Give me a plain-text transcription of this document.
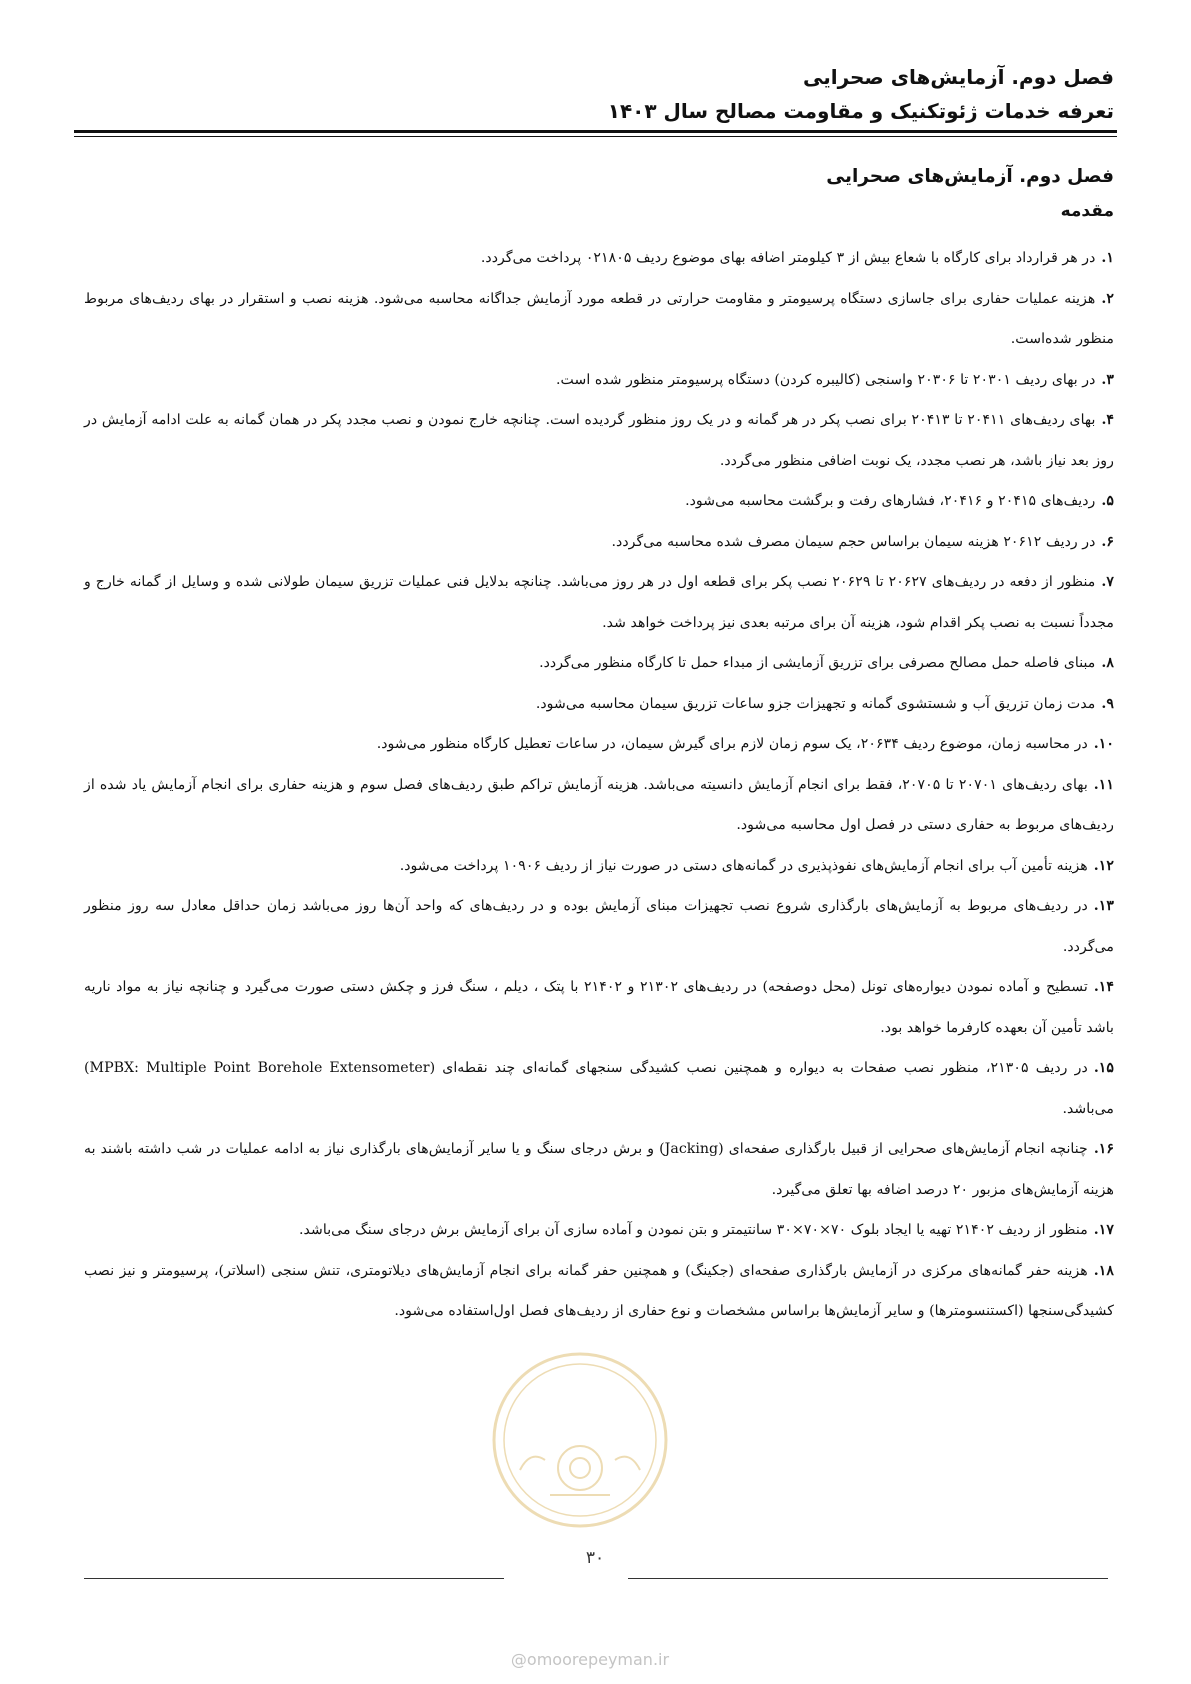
فصل دوم. آزمایش‌های صحرایی
تعرفه خدمات ژئوتکنیک و مقاومت مصالح سال ۱۴۰۳
فصل دوم. آزمایش‌های صحرایی
مقدمه
۱.در هر قرارداد برای کارگاه با شعاع بیش از ۳ کیلومتر اضافه بهای موضوع ردیف ۰۲۱۸۰۵ پرداخت می‌گردد.
۲.هزینه عملیات حفاری برای جاسازی دستگاه پرسیومتر و مقاومت حرارتی در قطعه مورد آزمایش جداگانه محاسبه می‌شود. هزینه نصب و استقرار در بهای ردیف‌های مربوط منظور شده‌است.
۳.در بهای ردیف ۲۰۳۰۱ تا ۲۰۳۰۶ واسنجی (کالیبره کردن) دستگاه پرسیومتر منظور شده است.
۴.بهای ردیف‌های ۲۰۴۱۱ تا ۲۰۴۱۳ برای نصب پکر در هر گمانه و در یک روز منظور گردیده است. چنانچه خارج نمودن و نصب مجدد پکر در همان گمانه به علت ادامه آزمایش در روز بعد نیاز باشد، هر نصب مجدد، یک نوبت اضافی منظور می‌گردد.
۵.ردیف‌های ۲۰۴۱۵ و ۲۰۴۱۶، فشارهای رفت و برگشت محاسبه می‌شود.
۶.در ردیف ۲۰۶۱۲ هزینه سیمان براساس حجم سیمان مصرف شده محاسبه می‌گردد.
۷.منظور از دفعه در ردیف‌های ۲۰۶۲۷ تا ۲۰۶۲۹ نصب پکر برای قطعه اول در هر روز می‌باشد. چنانچه بدلایل فنی عملیات تزریق سیمان طولانی شده و وسایل از گمانه خارج و مجدداً نسبت به نصب پکر اقدام شود، هزینه آن برای مرتبه بعدی نیز پرداخت خواهد شد.
۸.مبنای فاصله حمل مصالح مصرفی برای تزریق آزمایشی از مبداء حمل تا کارگاه منظور می‌گردد.
۹.مدت زمان تزریق آب و شستشوی گمانه و تجهیزات جزو ساعات تزریق سیمان محاسبه می‌شود.
۱۰.در محاسبه زمان، موضوع ردیف ۲۰۶۳۴، یک سوم زمان لازم برای گیرش سیمان، در ساعات تعطیل کارگاه منظور می‌شود.
۱۱.بهای ردیف‌های ۲۰۷۰۱ تا ۲۰۷۰۵، فقط برای انجام آزمایش دانسیته می‌باشد. هزینه آزمایش تراکم طبق ردیف‌های فصل سوم و هزینه حفاری برای انجام آزمایش یاد شده از ردیف‌های مربوط به حفاری دستی در فصل اول محاسبه می‌شود.
۱۲.هزینه تأمین آب برای انجام آزمایش‌های نفوذپذیری در گمانه‌های دستی در صورت نیاز از ردیف ۱۰۹۰۶ پرداخت می‌شود.
۱۳.در ردیف‌های مربوط به آزمایش‌های بارگذاری شروع نصب تجهیزات مبنای آزمایش بوده و در ردیف‌های که واحد آن‌ها روز می‌باشد زمان حداقل معادل سه روز منظور می‌گردد.
۱۴.تسطیح و آماده نمودن دیواره‌های تونل (محل دوصفحه) در ردیف‌های ۲۱۳۰۲ و ۲۱۴۰۲ با پتک ، دیلم ، سنگ فرز و چکش دستی صورت می‌گیرد و چنانچه نیاز به مواد ناریه باشد تأمین آن بعهده کارفرما خواهد بود.
۱۵.در ردیف ۲۱۳۰۵، منظور نصب صفحات به دیواره و همچنین نصب کشیدگی سنجهای گمانه‌ای چند نقطه‌ای (MPBX: Multiple Point Borehole Extensometer) می‌باشد.
۱۶.چنانچه انجام آزمایش‌های صحرایی از قبیل بارگذاری صفحه‌ای (Jacking) و برش درجای سنگ و یا سایر آزمایش‌های بارگذاری نیاز به ادامه عملیات در شب داشته باشند به هزینه آزمایش‌های مزبور ۲۰ درصد اضافه بها تعلق می‌گیرد.
۱۷.منظور از ردیف ۲۱۴۰۲ تهیه یا ایجاد بلوک ۷۰×۷۰×۳۰ سانتیمتر و بتن نمودن و آماده سازی آن برای آزمایش برش درجای سنگ می‌باشد.
۱۸.هزینه حفر گمانه‌های مرکزی در آزمایش بارگذاری صفحه‌ای (جکینگ) و همچنین حفر گمانه برای انجام آزمایش‌های دیلاتومتری، تنش سنجی (اسلاتر)، پرسیومتر و نیز نصب کشیدگی‌سنجها (اکستنسومترها) و سایر آزمایش‌ها براساس مشخصات و نوع حفاری از ردیف‌های فصل اول‌استفاده می‌شود.
۳۰
@omoorepeyman.ir
